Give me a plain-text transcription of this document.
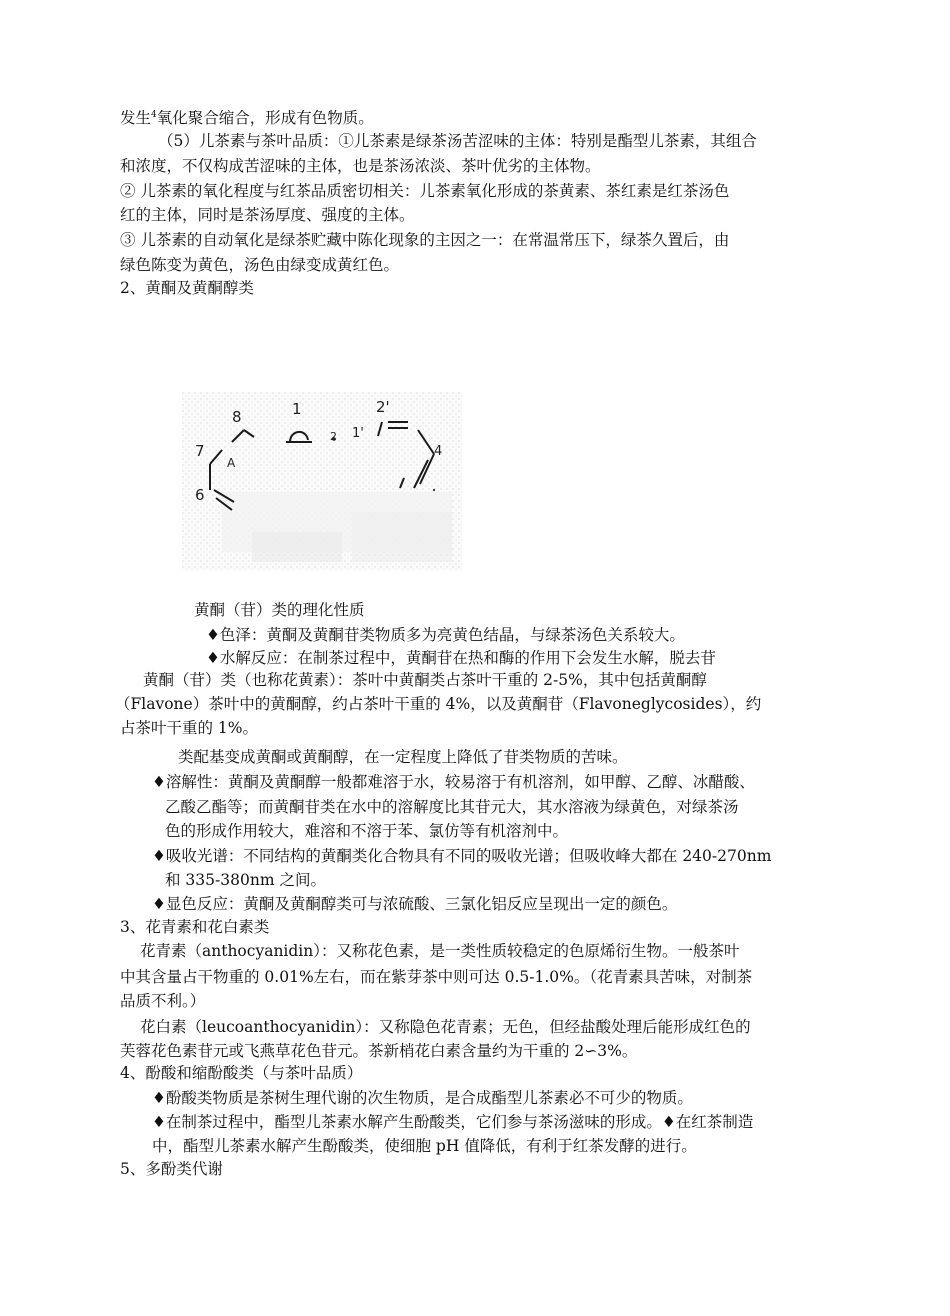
发生$^4$氧化聚合缩合，形成有色物质。
（5）儿茶素与茶叶品质：①儿茶素是绿茶汤苦涩味的主体：特别是酯型儿茶素，其组合
和浓度，不仅构成苦涩味的主体，也是茶汤浓淡、茶叶优劣的主体物。
② 儿茶素的氧化程度与红茶品质密切相关：儿茶素氧化形成的茶黄素、茶红素是红茶汤色
红的主体，同时是茶汤厚度、强度的主体。
③ 儿茶素的自动氧化是绿茶贮藏中陈化现象的主因之一：在常温常压下，绿茶久置后，由
绿色陈变为黄色，汤色由绿变成黄红色。
2、黄酮及黄酮醇类
8
7
6
A
1
2 1'
2'
4
黄酮（苷）类的理化性质
♦色泽：黄酮及黄酮苷类物质多为亮黄色结晶，与绿茶汤色关系较大。
♦水解反应：在制茶过程中，黄酮苷在热和酶的作用下会发生水解，脱去苷
黄酮（苷）类（也称花黄素）：茶叶中黄酮类占茶叶干重的 2-5%，其中包括黄酮醇
（Flavone）茶叶中的黄酮醇，约占茶叶干重的 4%，以及黄酮苷（Flavoneglycosides），约
占茶叶干重的 1%。
类配基变成黄酮或黄酮醇，在一定程度上降低了苷类物质的苦味。
♦溶解性：黄酮及黄酮醇一般都难溶于水，较易溶于有机溶剂，如甲醇、乙醇、冰醋酸、
乙酸乙酯等；而黄酮苷类在水中的溶解度比其苷元大，其水溶液为绿黄色，对绿茶汤
色的形成作用较大，难溶和不溶于苯、氯仿等有机溶剂中。
♦吸收光谱：不同结构的黄酮类化合物具有不同的吸收光谱；但吸收峰大都在 240-270nm
和 335-380nm 之间。
♦显色反应：黄酮及黄酮醇类可与浓硫酸、三氯化铝反应呈现出一定的颜色。
3、花青素和花白素类
花青素（anthocyanidin）：又称花色素，是一类性质较稳定的色原烯衍生物。一般茶叶
中其含量占干物重的 0.01%左右，而在紫芽茶中则可达 0.5-1.0%。（花青素具苦味，对制茶
品质不利。）
花白素（leucoanthocyanidin）：又称隐色花青素；无色，但经盐酸处理后能形成红色的
芙蓉花色素苷元或飞燕草花色苷元。茶新梢花白素含量约为干重的 2∽3%。
4、酚酸和缩酚酸类（与茶叶品质）
♦酚酸类物质是茶树生理代谢的次生物质，是合成酯型儿茶素必不可少的物质。
♦在制茶过程中，酯型儿茶素水解产生酚酸类，它们参与茶汤滋味的形成。♦在红茶制造
中，酯型儿茶素水解产生酚酸类，使细胞 pH 值降低，有利于红茶发酵的进行。
5、多酚类代谢
